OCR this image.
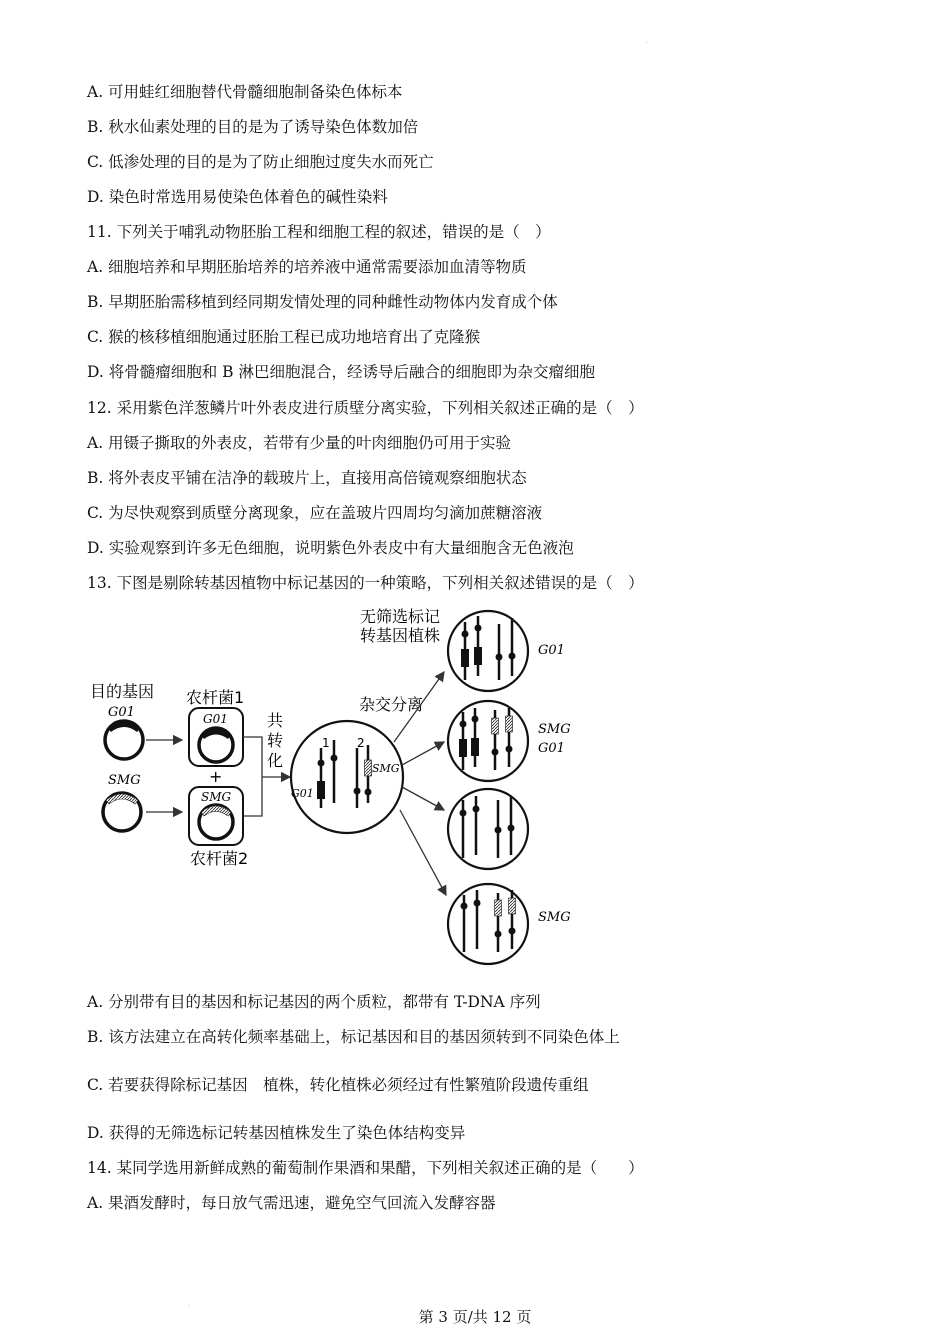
·
A. 可用蛙红细胞替代骨髓细胞制备染色体标本
B. 秋水仙素处理的目的是为了诱导染色体数加倍
C. 低渗处理的目的是为了防止细胞过度失水而死亡
D. 染色时常选用易使染色体着色的碱性染料
11. 下列关于哺乳动物胚胎工程和细胞工程的叙述，错误的是（　）
A. 细胞培养和早期胚胎培养的培养液中通常需要添加血清等物质
B. 早期胚胎需移植到经同期发情处理的同种雌性动物体内发育成个体
C. 猴的核移植细胞通过胚胎工程已成功地培育出了克隆猴
D. 将骨髓瘤细胞和 B 淋巴细胞混合，经诱导后融合的细胞即为杂交瘤细胞
12. 采用紫色洋葱鳞片叶外表皮进行质壁分离实验，下列相关叙述正确的是（　）
A. 用镊子撕取的外表皮，若带有少量的叶肉细胞仍可用于实验
B. 将外表皮平铺在洁净的载玻片上，直接用高倍镜观察细胞状态
C. 为尽快观察到质壁分离现象，应在盖玻片四周均匀滴加蔗糖溶液
D. 实验观察到许多无色细胞，说明紫色外表皮中有大量细胞含无色液泡
13. 下图是剔除转基因植物中标记基因的一种策略，下列相关叙述错误的是（　）
目的基因
G01
SMG
农杆菌1
G01
+
SMG
农杆菌2
共
转
化
杂交分离
1 2
G01
SMG
无筛选标记
转基因植株
G01
SMG
G01
SMG
A. 分别带有目的基因和标记基因的两个质粒，都带有 T-DNA 序列
B. 该方法建立在高转化频率基础上，标记基因和目的基因须转到不同染色体上
C. 若要获得除标记基因　植株，转化植株必须经过有性繁殖阶段遗传重组
D. 获得的无筛选标记转基因植株发生了染色体结构变异
14. 某同学选用新鲜成熟的葡萄制作果酒和果醋，下列相关叙述正确的是（　　）
A. 果酒发酵时，每日放气需迅速，避免空气回流入发酵容器
·
第 3 页/共 12 页
